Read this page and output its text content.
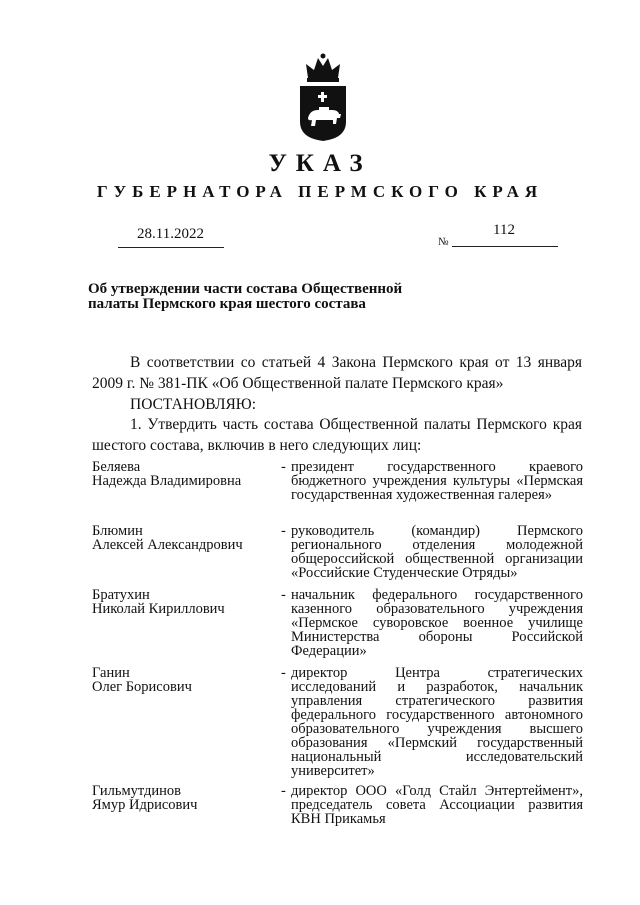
УКАЗ
ГУБЕРНАТОРА ПЕРМСКОГО КРАЯ
28.11.2022	№
112
Об утверждении части состава Общественной
палаты Пермского края шестого состава
В соответствии со статьей 4 Закона Пермского края от 13 января 2009 г. № 381-ПК «Об Общественной палате Пермского края»
ПОСТАНОВЛЯЮ:
1. Утвердить часть состава Общественной палаты Пермского края шестого состава, включив в него следующих лиц:
Беляева
Надежда Владимировна
- президент государственного краевого бюджетного учреждения культуры «Пермская государственная художественная галерея»
Блюмин
Алексей Александрович
- руководитель (командир) Пермского регионального отделения молодежной общероссийской общественной организации «Российские Студенческие Отряды»
Братухин
Николай Кириллович
- начальник федерального государственного казенного образовательного учреждения «Пермское суворовское военное училище Министерства обороны Российской Федерации»
Ганин
Олег Борисович
- директор Центра стратегических исследований и разработок, начальник управления стратегического развития федерального государственного автономного образовательного учреждения высшего образования «Пермский государственный национальный исследовательский университет»
Гильмутдинов
Ямур Идрисович
- директор ООО «Голд Стайл Энтертеймент», председатель совета Ассоциации развития КВН Прикамья
